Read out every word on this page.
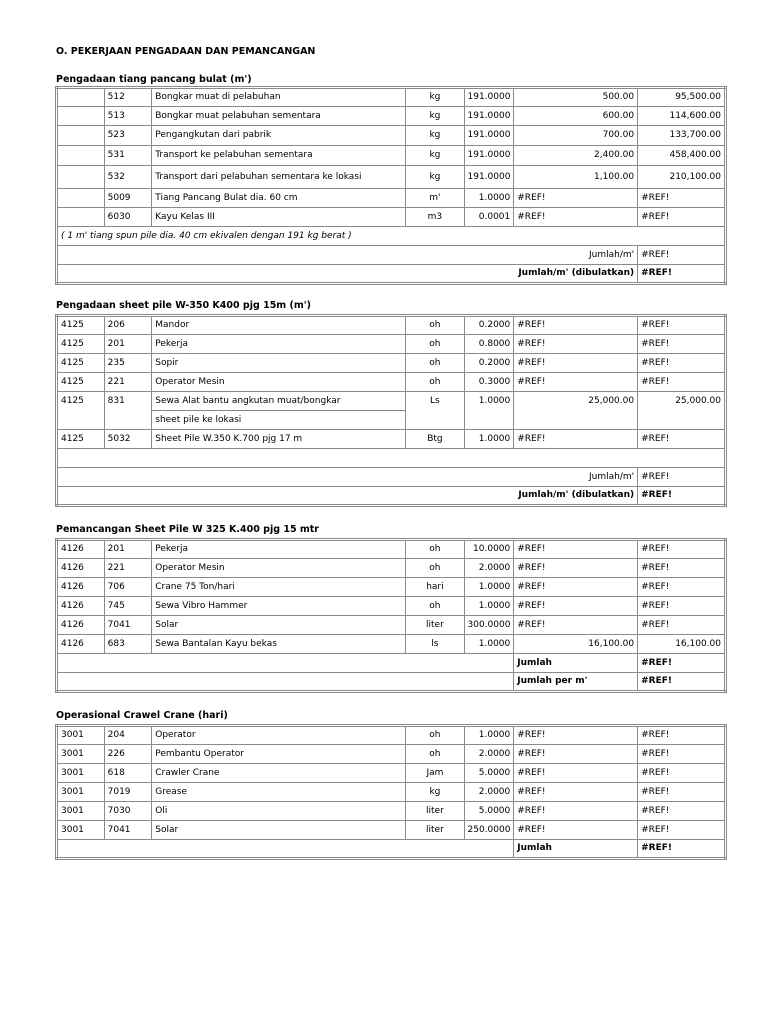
O. PEKERJAAN PENGADAAN DAN PEMANCANGAN
Pengadaan tiang pancang bulat (m')
	512	Bongkar muat di pelabuhan	kg	191.0000	500.00	95,500.00
	513	Bongkar muat pelabuhan sementara	kg	191.0000	600.00	114,600.00
	523	Pengangkutan dari pabrik	kg	191.0000	700.00	133,700.00
	531	Transport ke pelabuhan sementara	kg	191.0000	2,400.00	458,400.00
	532	Transport dari pelabuhan sementara ke lokasi	kg	191.0000	1,100.00	210,100.00
	5009	Tiang Pancang Bulat dia. 60 cm	m'	1.0000	#REF!	#REF!
	6030	Kayu Kelas III	m3	0.0001	#REF!	#REF!
( 1 m' tiang spun pile dia. 40 cm ekivalen dengan 191 kg berat )						
Jumlah/m'						#REF!
Jumlah/m' (dibulatkan)						#REF!
Pengadaan sheet pile W-350 K400 pjg 15m (m')
4125	206	Mandor	oh	0.2000	#REF!	#REF!
4125	201	Pekerja	oh	0.8000	#REF!	#REF!
4125	235	Sopir	oh	0.2000	#REF!	#REF!
4125	221	Operator Mesin	oh	0.3000	#REF!	#REF!
4125	831	Sewa Alat bantu angkutan muat/bongkar	Ls	1.0000	25,000.00	25,000.00
		sheet pile ke lokasi				
4125	5032	Sheet Pile W.350 K.700 pjg 17 m	Btg	1.0000	#REF!	#REF!

Jumlah/m'						#REF!
Jumlah/m' (dibulatkan)						#REF!
Pemancangan Sheet Pile W 325 K.400 pjg 15 mtr
4126	201	Pekerja	oh	10.0000	#REF!	#REF!
4126	221	Operator Mesin	oh	2.0000	#REF!	#REF!
4126	706	Crane 75 Ton/hari	hari	1.0000	#REF!	#REF!
4126	745	Sewa Vibro Hammer	oh	1.0000	#REF!	#REF!
4126	7041	Solar	liter	300.0000	#REF!	#REF!
4126	683	Sewa Bantalan Kayu bekas	ls	1.0000	16,100.00	16,100.00
					Jumlah	#REF!
					Jumlah per m'	#REF!
Operasional Crawel Crane (hari)
3001	204	Operator	oh	1.0000	#REF!	#REF!
3001	226	Pembantu Operator	oh	2.0000	#REF!	#REF!
3001	618	Crawler Crane	Jam	5.0000	#REF!	#REF!
3001	7019	Grease	kg	2.0000	#REF!	#REF!
3001	7030	Oli	liter	5.0000	#REF!	#REF!
3001	7041	Solar	liter	250.0000	#REF!	#REF!
					Jumlah	#REF!
